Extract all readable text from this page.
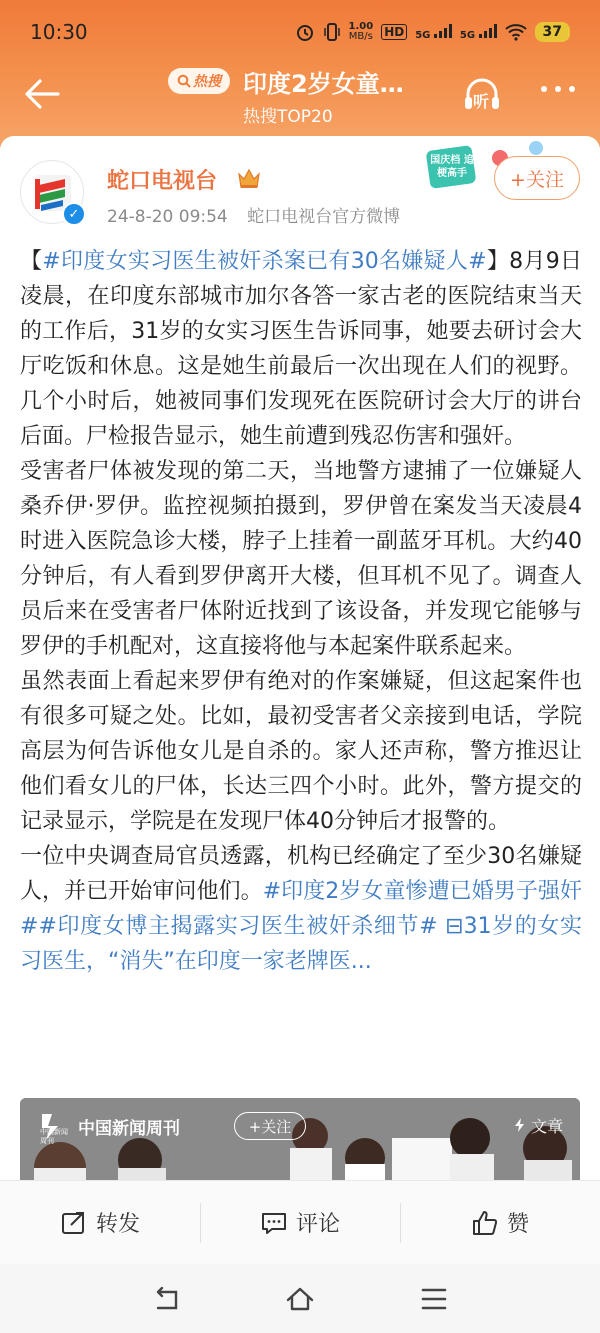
10:30	1.00
MB/s HD	5G	5G	37
热搜 印度2岁女童…
热搜TOP20
听
✓
蛇口电视台
24-8-20 09:54 蛇口电视台官方微博
国庆档 追梗高手	+关注

【#印度女实习医生被奸杀案已有30名嫌疑人#】8月9日凌晨，在印度东部城市加尔各答一家古老的医院结束当天的工作后，31岁的女实习医生告诉同事，她要去研讨会大厅吃饭和休息。这是她生前最后一次出现在人们的视野。几个小时后，她被同事们发现死在医院研讨会大厅的讲台后面。尸检报告显示，她生前遭到残忍伤害和强奸。

受害者尸体被发现的第二天，当地警方逮捕了一位嫌疑人桑乔伊·罗伊。监控视频拍摄到，罗伊曾在案发当天凌晨4时进入医院急诊大楼，脖子上挂着一副蓝牙耳机。大约40分钟后，有人看到罗伊离开大楼，但耳机不见了。调查人员后来在受害者尸体附近找到了该设备，并发现它能够与罗伊的手机配对，这直接将他与本起案件联系起来。

虽然表面上看起来罗伊有绝对的作案嫌疑，但这起案件也有很多可疑之处。比如，最初受害者父亲接到电话，学院高层为何告诉他女儿是自杀的。家人还声称，警方推迟让他们看女儿的尸体，长达三四个小时。此外，警方提交的记录显示，学院是在发现尸体40分钟后才报警的。

一位中央调查局官员透露，机构已经确定了至少30名嫌疑人，并已开始审问他们。#印度2岁女童惨遭已婚男子强奸##印度女博主揭露实习医生被奸杀细节# ⊟31岁的女实习医生，“消失”在印度一家老牌医...

中国新闻周刊
中国新闻周刊	+关注	文章
转发	评论	赞
